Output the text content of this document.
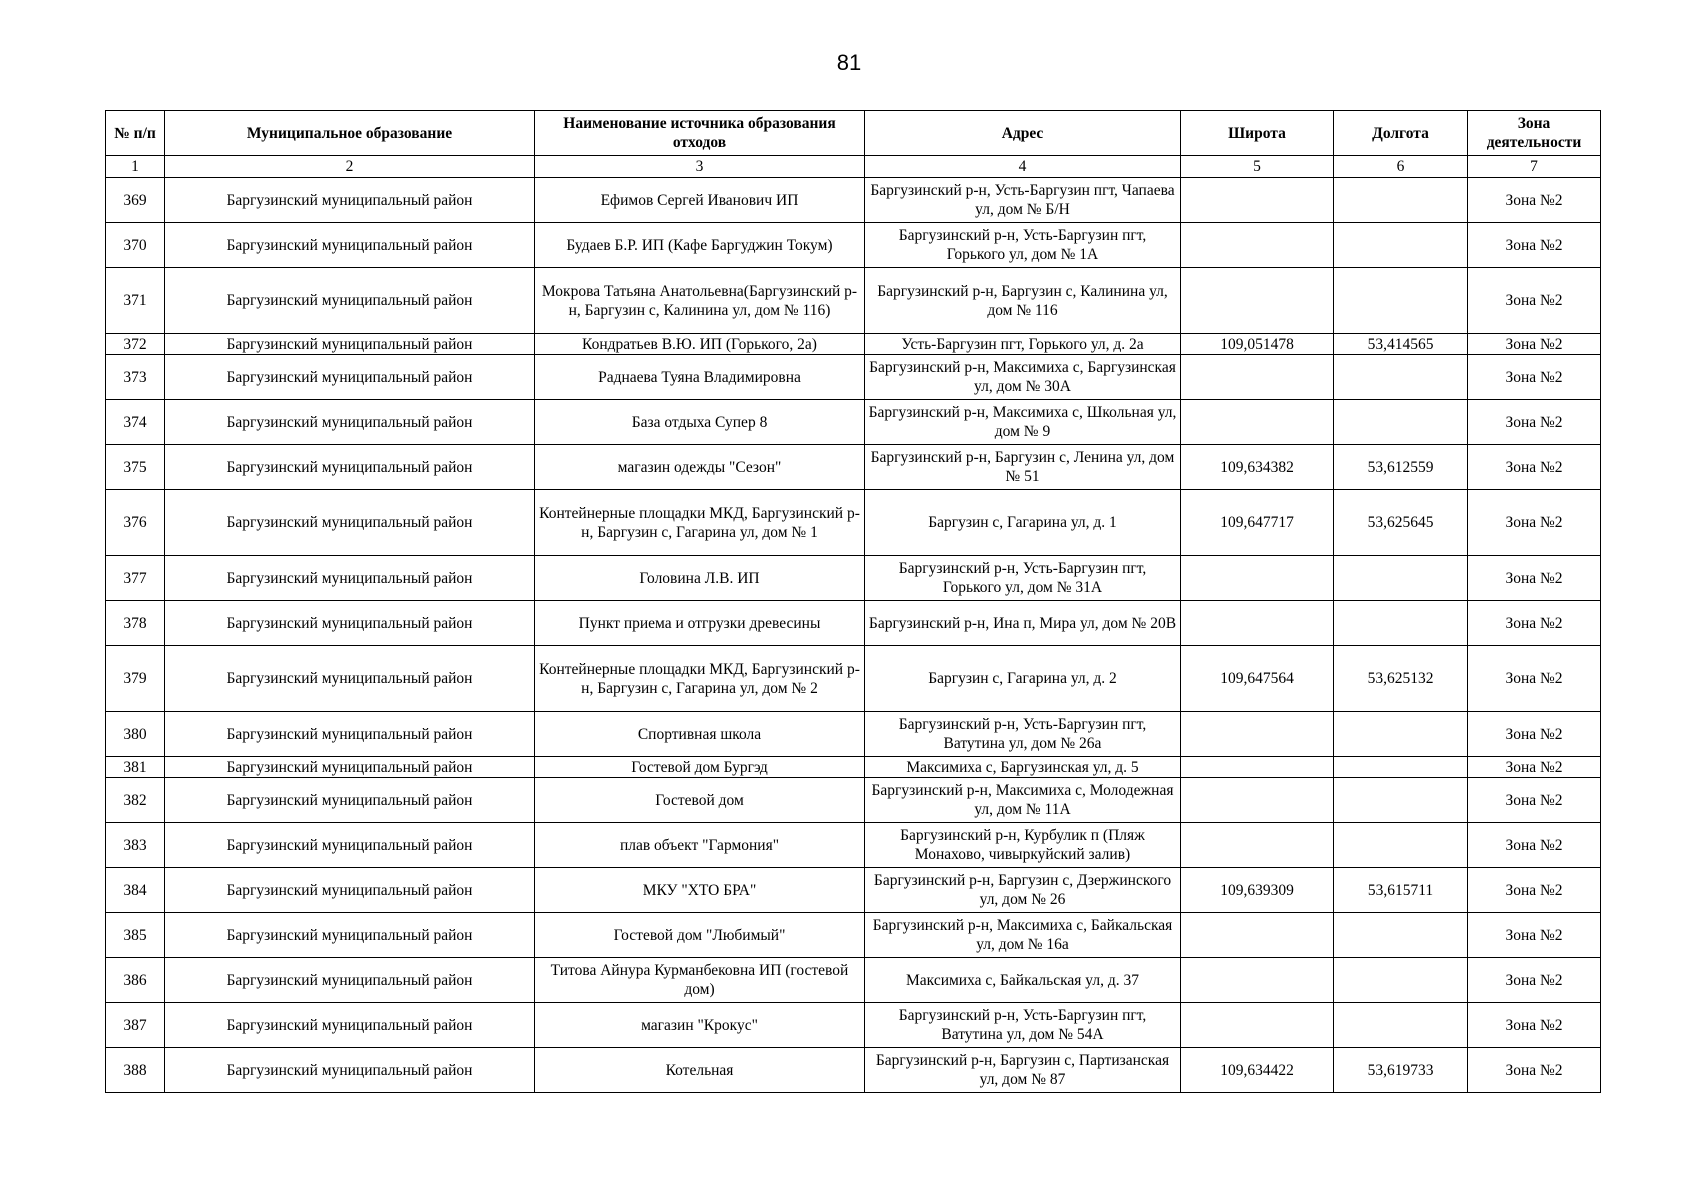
81
№ п/п	Муниципальное образование	Наименование источника образования отходов	Адрес	Широта	Долгота	Зона деятельности
1	2	3	4	5	6	7
369	Баргузинский муниципальный район	Ефимов Сергей Иванович ИП	Баргузинский р-н, Усть-Баргузин пгт, Чапаева ул, дом № Б/Н			Зона №2
370	Баргузинский муниципальный район	Будаев Б.Р. ИП (Кафе Баргуджин Токум)	Баргузинский р-н, Усть-Баргузин пгт, Горького ул, дом № 1А			Зона №2
371	Баргузинский муниципальный район	Мокрова Татьяна Анатольевна(Баргузинский р-н, Баргузин с, Калинина ул, дом № 116)	Баргузинский р-н, Баргузин с, Калинина ул, дом № 116			Зона №2
372	Баргузинский муниципальный район	Кондратьев В.Ю. ИП (Горького, 2а)	Усть-Баргузин пгт, Горького ул, д. 2а	109,051478	53,414565	Зона №2
373	Баргузинский муниципальный район	Раднаева Туяна Владимировна	Баргузинский р-н, Максимиха с, Баргузинская ул, дом № 30А			Зона №2
374	Баргузинский муниципальный район	База отдыха Супер 8	Баргузинский р-н, Максимиха с, Школьная ул, дом № 9			Зона №2
375	Баргузинский муниципальный район	магазин одежды "Сезон"	Баргузинский р-н, Баргузин с, Ленина ул, дом № 51	109,634382	53,612559	Зона №2
376	Баргузинский муниципальный район	Контейнерные площадки МКД, Баргузинский р-н, Баргузин с, Гагарина ул, дом № 1	Баргузин с, Гагарина ул, д. 1	109,647717	53,625645	Зона №2
377	Баргузинский муниципальный район	Головина Л.В. ИП	Баргузинский р-н, Усть-Баргузин пгт, Горького ул, дом № 31А			Зона №2
378	Баргузинский муниципальный район	Пункт приема и отгрузки древесины	Баргузинский р-н, Ина п, Мира ул, дом № 20В			Зона №2
379	Баргузинский муниципальный район	Контейнерные площадки МКД, Баргузинский р-н, Баргузин с, Гагарина ул, дом № 2	Баргузин с, Гагарина ул, д. 2	109,647564	53,625132	Зона №2
380	Баргузинский муниципальный район	Спортивная школа	Баргузинский р-н, Усть-Баргузин пгт, Ватутина ул, дом № 26а			Зона №2
381	Баргузинский муниципальный район	Гостевой дом Бургэд	Максимиха с, Баргузинская ул, д. 5			Зона №2
382	Баргузинский муниципальный район	Гостевой дом	Баргузинский р-н, Максимиха с, Молодежная ул, дом № 11А			Зона №2
383	Баргузинский муниципальный район	плав объект "Гармония"	Баргузинский р-н, Курбулик п (Пляж Монахово, чивыркуйский залив)			Зона №2
384	Баргузинский муниципальный район	МКУ "ХТО БРА"	Баргузинский р-н, Баргузин с, Дзержинского ул, дом № 26	109,639309	53,615711	Зона №2
385	Баргузинский муниципальный район	Гостевой дом "Любимый"	Баргузинский р-н, Максимиха с, Байкальская ул, дом № 16а			Зона №2
386	Баргузинский муниципальный район	Титова Айнура Курманбековна ИП (гостевой дом)	Максимиха с, Байкальская ул, д. 37			Зона №2
387	Баргузинский муниципальный район	магазин "Крокус"	Баргузинский р-н, Усть-Баргузин пгт, Ватутина ул, дом № 54А			Зона №2
388	Баргузинский муниципальный район	Котельная	Баргузинский р-н, Баргузин с, Партизанская ул, дом № 87	109,634422	53,619733	Зона №2
